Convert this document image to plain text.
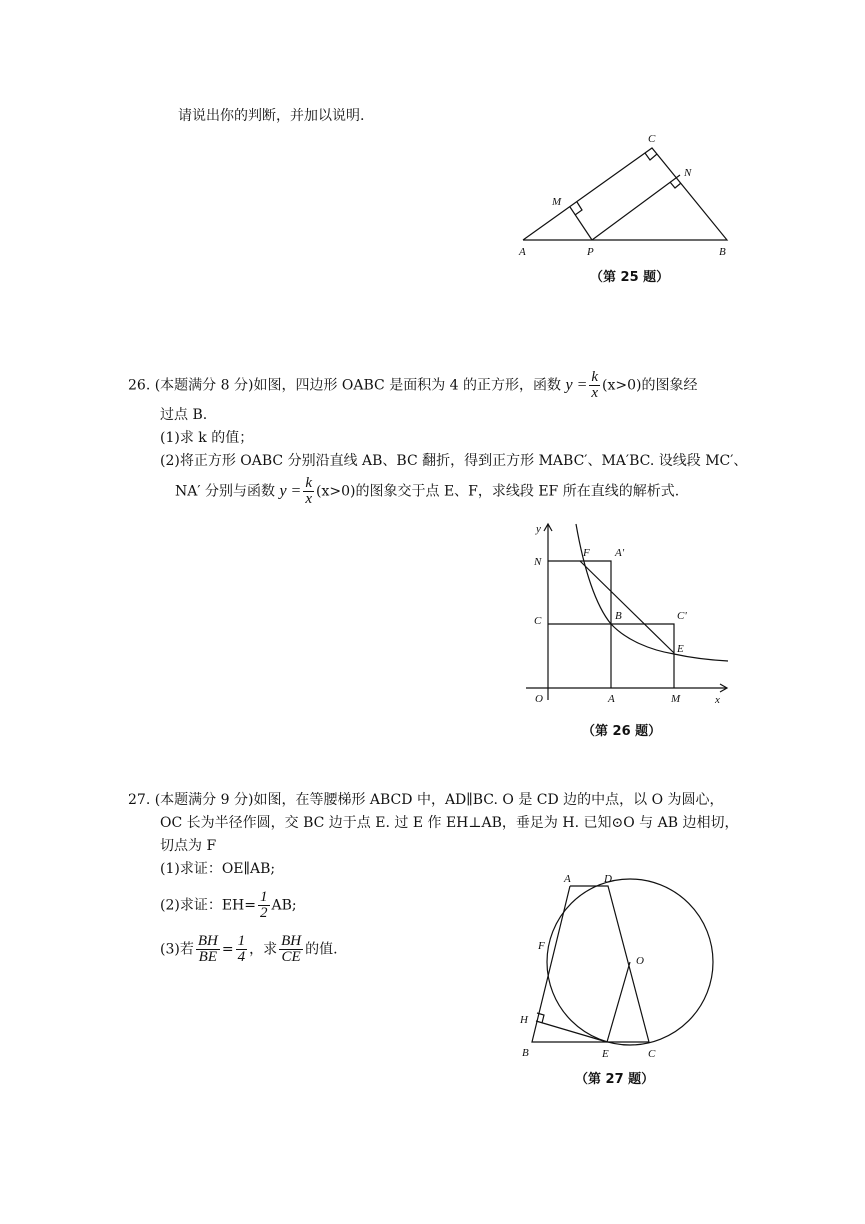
请说出你的判断，并加以说明.
A	B
C
M
N
P
（第 25 题）
26. (本题满分 8 分)如图，四边形 OABC 是面积为 4 的正方形，函数 $y = \frac{k}{x} (x>0)$的图象经
过点 B.
(1)求 k 的值；
(2)将正方形 OABC 分别沿直线 AB、BC 翻折，得到正方形 MABC′、MA′BC. 设线段 MC′、
NA′ 分别与函数 $y = \frac{k}{x} (x>0)$的图象交于点 E、F，求线段 EF 所在直线的解析式.
y
x
N
F A'
C	B	C'
E
O	A	M
（第 26 题）
27. (本题满分 9 分)如图，在等腰梯形 ABCD 中，AD∥BC. O 是 CD 边的中点，以 O 为圆心，
OC 长为半径作圆，交 BC 边于点 E. 过 E 作 EH⊥AB，垂足为 H. 已知⊙O 与 AB 边相切，
切点为 F
(1)求证：OE∥AB;
(2)求证：$EH= \frac{1}{2}$ AB;
(3)若 $\frac{BH}{BE} = \frac{1}{4}$ ，求 $\frac{BH}{CE}$ 的值.
A	D
F
O
H
B	E	C
（第 27 题）
